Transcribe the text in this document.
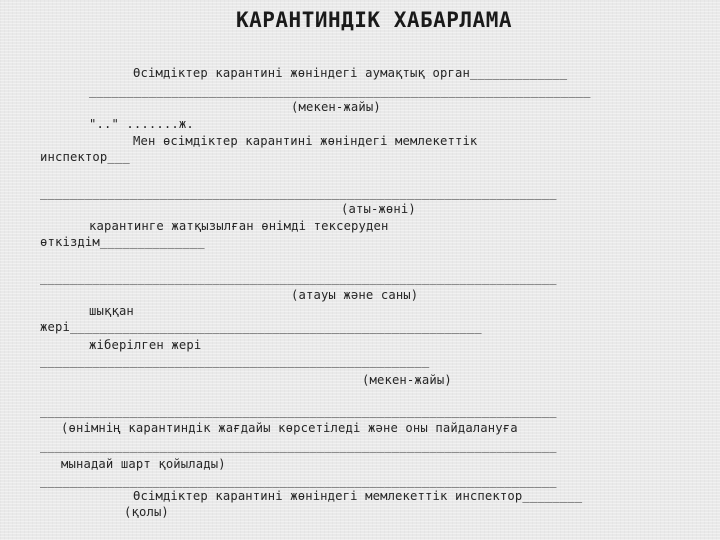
КАРАНТИНДІК ХАБАРЛАМА
Өсімдіктер карантині жөніндегі аумақтық орган_____________
___________________________________________________________________
(мекен-жайы)
".." .......ж.
Мен өсімдіктер карантині жөніндегі мемлекеттік
инспектор___
_____________________________________________________________________
(аты-жөні)
карантинге жатқызылған өнімді тексеруден
өткіздім______________
_____________________________________________________________________
(атауы және саны)
шыққан
жері_______________________________________________________
жіберілген жері
____________________________________________________
(мекен-жайы)
_____________________________________________________________________
(өнімнің карантиндік жағдайы көрсетіледі және оны пайдалануға
_____________________________________________________________________
мынадай шарт қойылады)
_____________________________________________________________________
Өсімдіктер карантині жөніндегі мемлекеттік инспектор________
(қолы)
